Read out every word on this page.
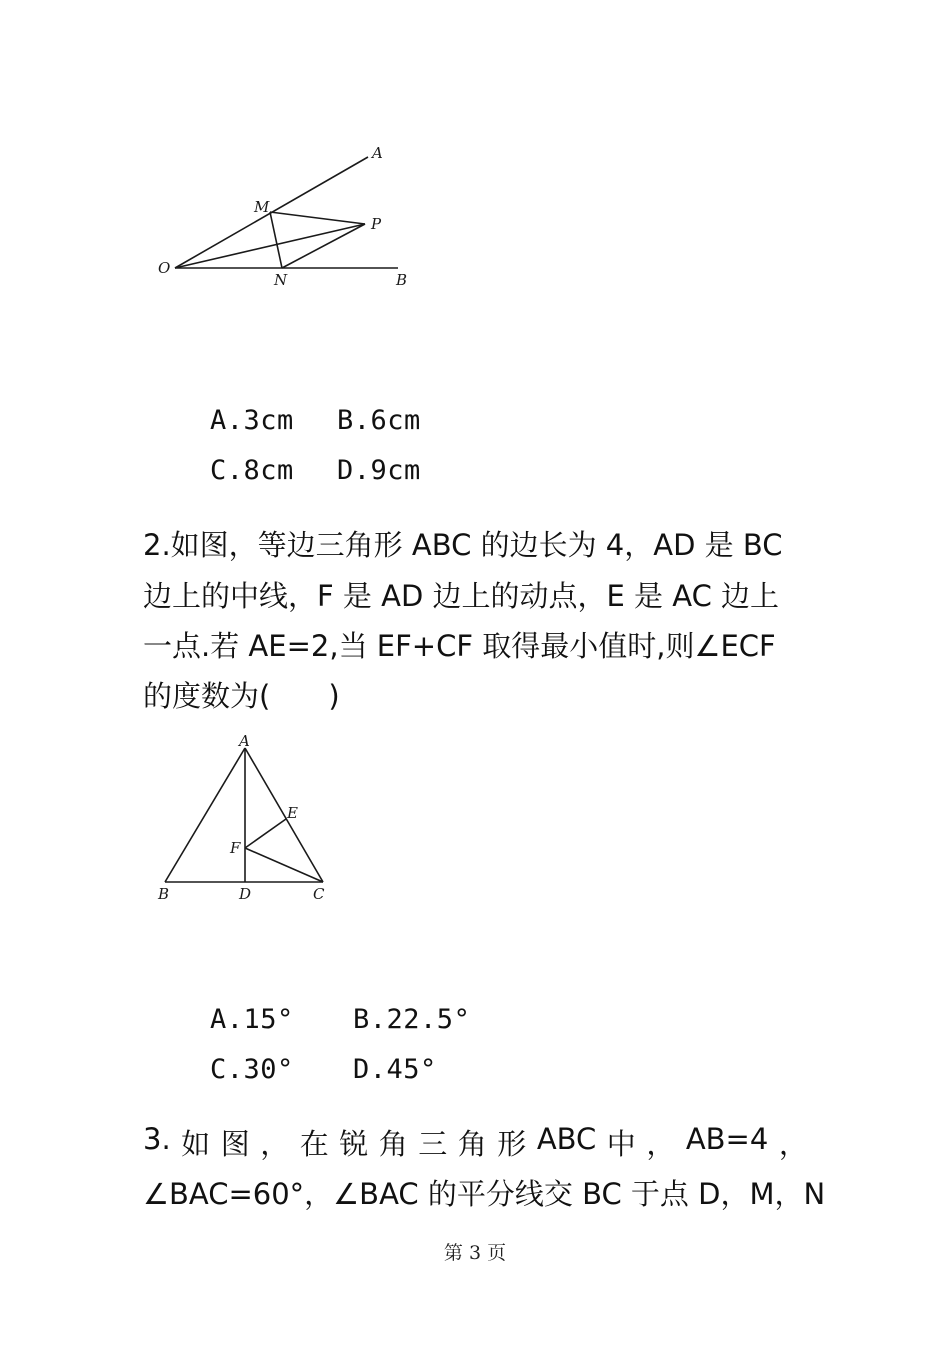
A
M
P
O
N	B

A.3cm B.6cm

C.8cm D.9cm

2.如图，等边三角形 ABC 的边长为 4，AD 是 BC
边上的中线，F 是 AD 边上的动点，E 是 AC 边上
一点.若 AE=2,当 EF+CF 取得最小值时,则∠ECF
的度数为(　　)
A
E
F
B	D	C

A.15° B.22.5°

C.30° D.45°

3. 如 图 ， 在 锐 角 三 角 形 ABC 中 ， AB=4 ，
∠BAC=60°，∠BAC 的平分线交 BC 于点 D，M，N
第 3 页
